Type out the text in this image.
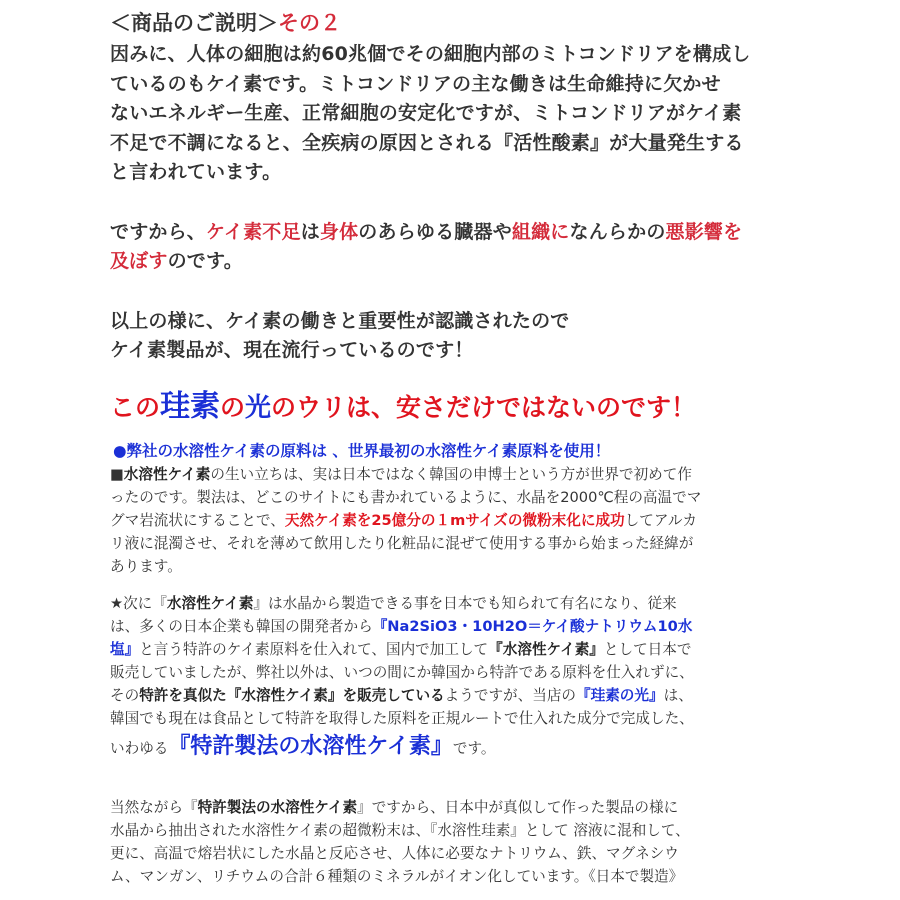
＜商品のご説明＞その２
因みに、人体の細胞は約60兆個でその細胞内部のミトコンドリアを構成し
ているのもケイ素です。ミトコンドリアの主な働きは生命維持に欠かせ
ないエネルギー生産、正常細胞の安定化ですが、ミトコンドリアがケイ素
不足で不調になると、全疾病の原因とされる『活性酸素』が大量発生する
と言われています。
ですから、ケイ素不足は身体のあらゆる臓器や組織になんらかの悪影響を
及ぼすのです。
以上の様に、ケイ素の働きと重要性が認識されたので
ケイ素製品が、現在流行っているのです！
この珪素の光のウリは、安さだけではないのです！
●弊社の水溶性ケイ素の原料は 、世界最初の水溶性ケイ素原料を使用！
■水溶性ケイ素の生い立ちは、実は日本ではなく韓国の申博士という方が世界で初めて作
ったのです。製法は、どこのサイトにも書かれているように、水晶を2000℃程の高温でマ
グマ岩流状にすることで、天然ケイ素を25億分の１mサイズの微粉末化に成功してアルカ
リ液に混濁させ、それを薄めて飲用したり化粧品に混ぜて使用する事から始まった経緯が
あります。
★次に『水溶性ケイ素』は水晶から製造できる事を日本でも知られて有名になり、従来
は、多くの日本企業も韓国の開発者から『Na2SiO3・10H2O＝ケイ酸ナトリウム10水
塩』と言う特許のケイ素原料を仕入れて、国内で加工して『水溶性ケイ素』として日本で
販売していましたが、弊社以外は、いつの間にか韓国から特許である原料を仕入れずに、
その特許を真似た『水溶性ケイ素』を販売しているようですが、当店の『珪素の光』は、
韓国でも現在は食品として特許を取得した原料を正規ルートで仕入れた成分で完成した、
いわゆる『特許製法の水溶性ケイ素』です。
当然ながら『特許製法の水溶性ケイ素』ですから、日本中が真似して作った製品の様に
水晶から抽出された水溶性ケイ素の超微粉末は、『水溶性珪素』として 溶液に混和して、
更に、高温で熔岩状にした水晶と反応させ、人体に必要なナトリウム、鉄、マグネシウ
ム、マンガン、リチウムの合計６種類のミネラルがイオン化しています。《日本で製造》
